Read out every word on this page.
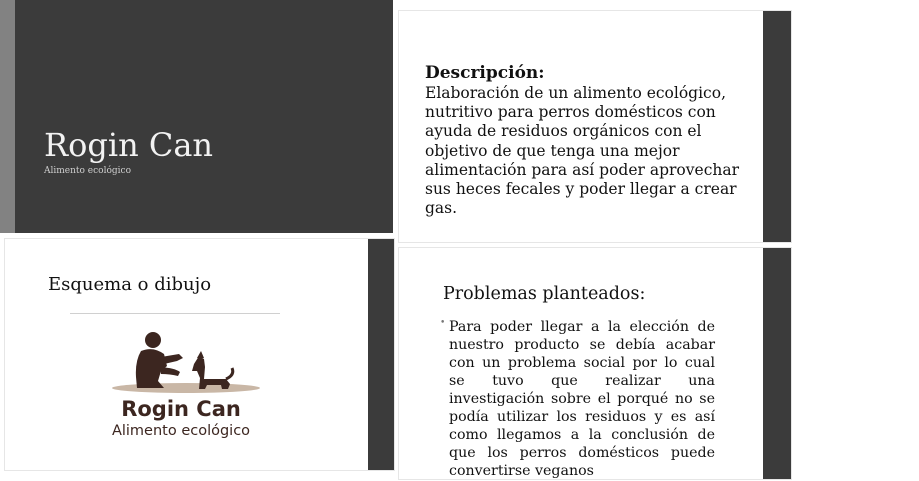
Rogin Can
Alimento ecológico
Descripción:
Elaboración de un alimento ecológico, nutritivo para perros domésticos con ayuda de residuos orgánicos con el objetivo de que tenga una mejor alimentación para así poder aprovechar sus heces fecales y poder llegar a crear gas.
Esquema o dibujo
Rogin Can
Alimento ecológico
Problemas planteados:
• Para poder llegar a la elección de nuestro producto se debía acabar con un problema social por lo cual se tuvo que realizar una investigación sobre el porqué no se podía utilizar los residuos y es así como llegamos a la conclusión de que los perros domésticos puede convertirse veganos
